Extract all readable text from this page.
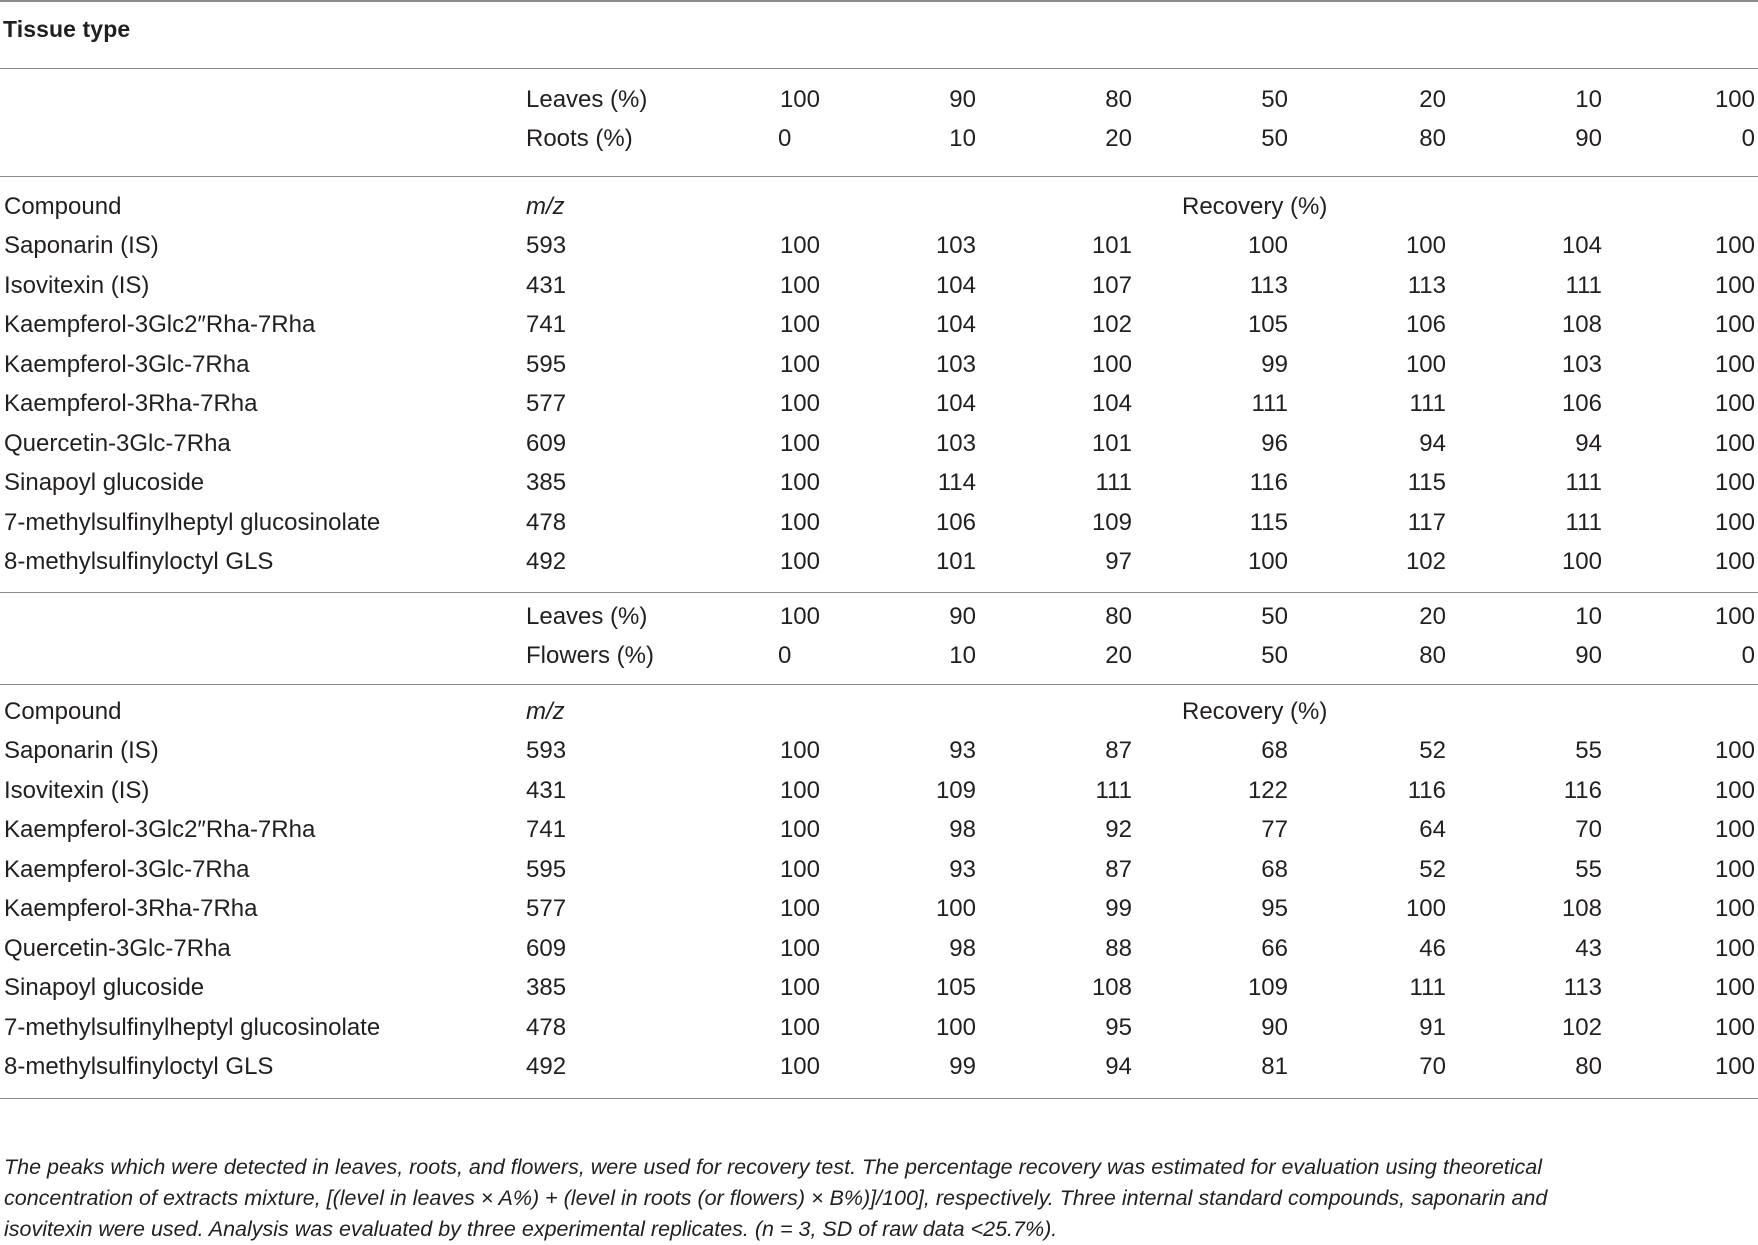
Tissue type
Leaves (%)	100	90	80	50	20	10	100
Roots (%)	0	10	20	50	80	90	0
Compound	m/z	Recovery (%)
Saponarin (IS)	593	100	103	101	100	100	104	100
Isovitexin (IS)	431	100	104	107	113	113	111	100
Kaempferol-3Glc2″Rha-7Rha	741	100	104	102	105	106	108	100
Kaempferol-3Glc-7Rha	595	100	103	100	99	100	103	100
Kaempferol-3Rha-7Rha	577	100	104	104	111	111	106	100
Quercetin-3Glc-7Rha	609	100	103	101	96	94	94	100
Sinapoyl glucoside	385	100	114	111	116	115	111	100
7-methylsulfinylheptyl glucosinolate	478	100	106	109	115	117	111	100
8-methylsulfinyloctyl GLS	492	100	101	97	100	102	100	100
Leaves (%)	100	90	80	50	20	10	100
Flowers (%)	0	10	20	50	80	90	0
Compound	m/z	Recovery (%)
Saponarin (IS)	593	100	93	87	68	52	55	100
Isovitexin (IS)	431	100	109	111	122	116	116	100
Kaempferol-3Glc2″Rha-7Rha	741	100	98	92	77	64	70	100
Kaempferol-3Glc-7Rha	595	100	93	87	68	52	55	100
Kaempferol-3Rha-7Rha	577	100	100	99	95	100	108	100
Quercetin-3Glc-7Rha	609	100	98	88	66	46	43	100
Sinapoyl glucoside	385	100	105	108	109	111	113	100
7-methylsulfinylheptyl glucosinolate	478	100	100	95	90	91	102	100
8-methylsulfinyloctyl GLS	492	100	99	94	81	70	80	100

The peaks which were detected in leaves, roots, and flowers, were used for recovery test. The percentage recovery was estimated for evaluation using theoretical

concentration of extracts mixture, [(level in leaves × A%) + (level in roots (or flowers) × B%)]/100], respectively. Three internal standard compounds, saponarin and

isovitexin were used. Analysis was evaluated by three experimental replicates. (n = 3, SD of raw data <25.7%).
